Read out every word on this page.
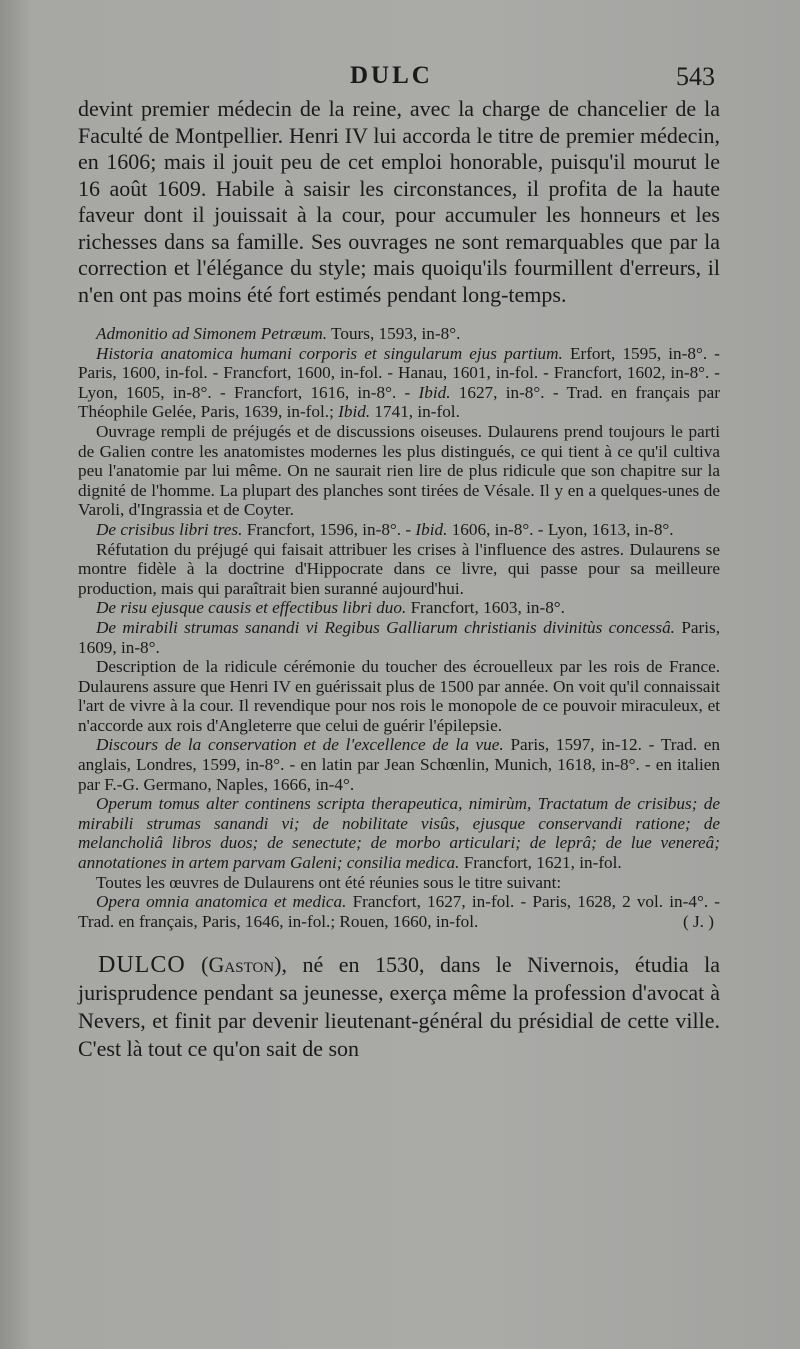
DULC	543

devint premier médecin de la reine, avec la charge de chancelier de la Faculté de Montpellier. Henri IV lui accorda le titre de premier médecin, en 1606; mais il jouit peu de cet emploi honorable, puisqu'il mourut le 16 août 1609. Habile à saisir les circonstances, il profita de la haute faveur dont il jouissait à la cour, pour accumuler les honneurs et les richesses dans sa famille. Ses ouvrages ne sont remarquables que par la correction et l'élégance du style; mais quoiqu'ils fourmillent d'erreurs, il n'en ont pas moins été fort estimés pendant long-temps.

Admonitio ad Simonem Petræum. Tours, 1593, in-8°.

Historia anatomica humani corporis et singularum ejus partium. Erfort, 1595, in-8°. - Paris, 1600, in-fol. - Francfort, 1600, in-fol. - Hanau, 1601, in-fol. - Francfort, 1602, in-8°. - Lyon, 1605, in-8°. - Francfort, 1616, in-8°. - Ibid. 1627, in-8°. - Trad. en français par Théophile Gelée, Paris, 1639, in-fol.; Ibid. 1741, in-fol.

Ouvrage rempli de préjugés et de discussions oiseuses. Dulaurens prend toujours le parti de Galien contre les anatomistes modernes les plus distingués, ce qui tient à ce qu'il cultiva peu l'anatomie par lui même. On ne saurait rien lire de plus ridicule que son chapitre sur la dignité de l'homme. La plupart des planches sont tirées de Vésale. Il y en a quelques-unes de Varoli, d'Ingrassia et de Coyter.

De crisibus libri tres. Francfort, 1596, in-8°. - Ibid. 1606, in-8°. - Lyon, 1613, in-8°.

Réfutation du préjugé qui faisait attribuer les crises à l'influence des astres. Dulaurens se montre fidèle à la doctrine d'Hippocrate dans ce livre, qui passe pour sa meilleure production, mais qui paraîtrait bien suranné aujourd'hui.

De risu ejusque causis et effectibus libri duo. Francfort, 1603, in-8°.

De mirabili strumas sanandi vi Regibus Galliarum christianis divinitùs concessâ. Paris, 1609, in-8°.

Description de la ridicule cérémonie du toucher des écrouelleux par les rois de France. Dulaurens assure que Henri IV en guérissait plus de 1500 par année. On voit qu'il connaissait l'art de vivre à la cour. Il revendique pour nos rois le monopole de ce pouvoir miraculeux, et n'accorde aux rois d'Angleterre que celui de guérir l'épilepsie.

Discours de la conservation et de l'excellence de la vue. Paris, 1597, in-12. - Trad. en anglais, Londres, 1599, in-8°. - en latin par Jean Schœnlin, Munich, 1618, in-8°. - en italien par F.-G. Germano, Naples, 1666, in-4°.

Operum tomus alter continens scripta therapeutica, nimirùm, Tractatum de crisibus; de mirabili strumas sanandi vi; de nobilitate visûs, ejusque conservandi ratione; de melancholiâ libros duos; de senectute; de morbo articulari; de leprâ; de lue venereâ; annotationes in artem parvam Galeni; consilia medica. Francfort, 1621, in-fol.

Toutes les œuvres de Dulaurens ont été réunies sous le titre suivant:

Opera omnia anatomica et medica. Francfort, 1627, in-fol. - Paris, 1628, 2 vol. in-4°. - Trad. en français, Paris, 1646, in-fol.; Rouen, 1660, in-fol.	( J. )

DULCO (Gaston), né en 1530, dans le Nivernois, étudia la jurisprudence pendant sa jeunesse, exerça même la profession d'avocat à Nevers, et finit par devenir lieutenant-général du présidial de cette ville. C'est là tout ce qu'on sait de son
